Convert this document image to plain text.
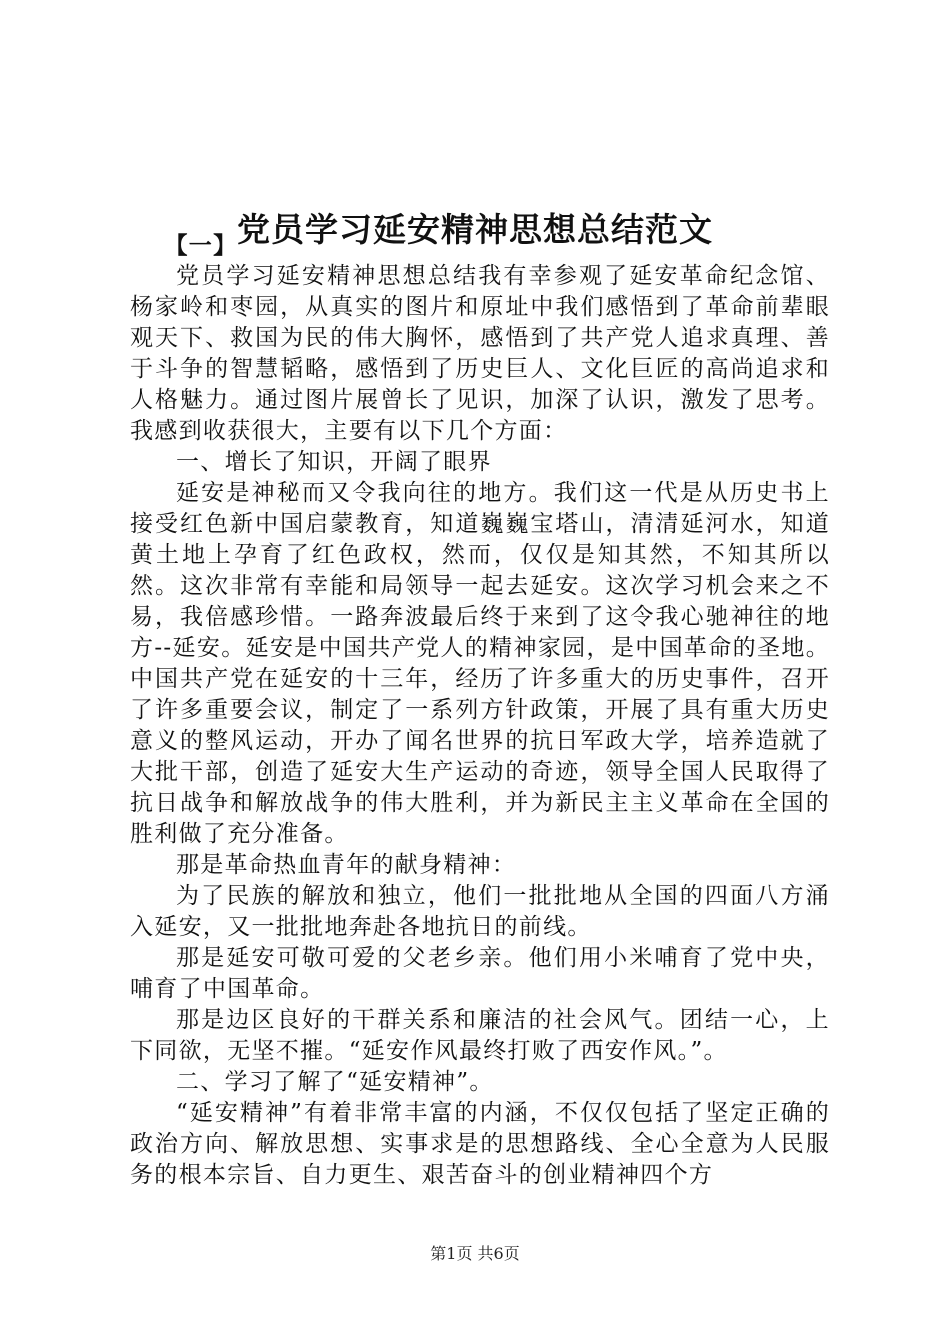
党员学习延安精神思想总结范文

【一】

党员学习延安精神思想总结我有幸参观了延安革命纪念馆、杨家岭和枣园，从真实的图片和原址中我们感悟到了革命前辈眼观天下、救国为民的伟大胸怀，感悟到了共产党人追求真理、善于斗争的智慧韬略，感悟到了历史巨人、文化巨匠的高尚追求和人格魅力。通过图片展曾长了见识，加深了认识，激发了思考。我感到收获很大，主要有以下几个方面：

一、增长了知识，开阔了眼界

延安是神秘而又令我向往的地方。我们这一代是从历史书上接受红色新中国启蒙教育，知道巍巍宝塔山，清清延河水，知道黄土地上孕育了红色政权，然而，仅仅是知其然，不知其所以然。这次非常有幸能和局领导一起去延安。这次学习机会来之不易，我倍感珍惜。一路奔波最后终于来到了这令我心驰神往的地方--延安。延安是中国共产党人的精神家园，是中国革命的圣地。中国共产党在延安的十三年，经历了许多重大的历史事件，召开了许多重要会议，制定了一系列方针政策，开展了具有重大历史意义的整风运动，开办了闻名世界的抗日军政大学，培养造就了大批干部，创造了延安大生产运动的奇迹，领导全国人民取得了抗日战争和解放战争的伟大胜利，并为新民主主义革命在全国的胜利做了充分准备。

那是革命热血青年的献身精神：

为了民族的解放和独立，他们一批批地从全国的四面八方涌入延安，又一批批地奔赴各地抗日的前线。

那是延安可敬可爱的父老乡亲。他们用小米哺育了党中央，哺育了中国革命。

那是边区良好的干群关系和廉洁的社会风气。团结一心，上下同欲，无坚不摧。“延安作风最终打败了西安作风。”。

二、学习了解了“延安精神”。

“延安精神”有着非常丰富的内涵，不仅仅包括了坚定正确的政治方向、解放思想、实事求是的思想路线、全心全意为人民服务的根本宗旨、自力更生、艰苦奋斗的创业精神四个方

第1页 共6页
